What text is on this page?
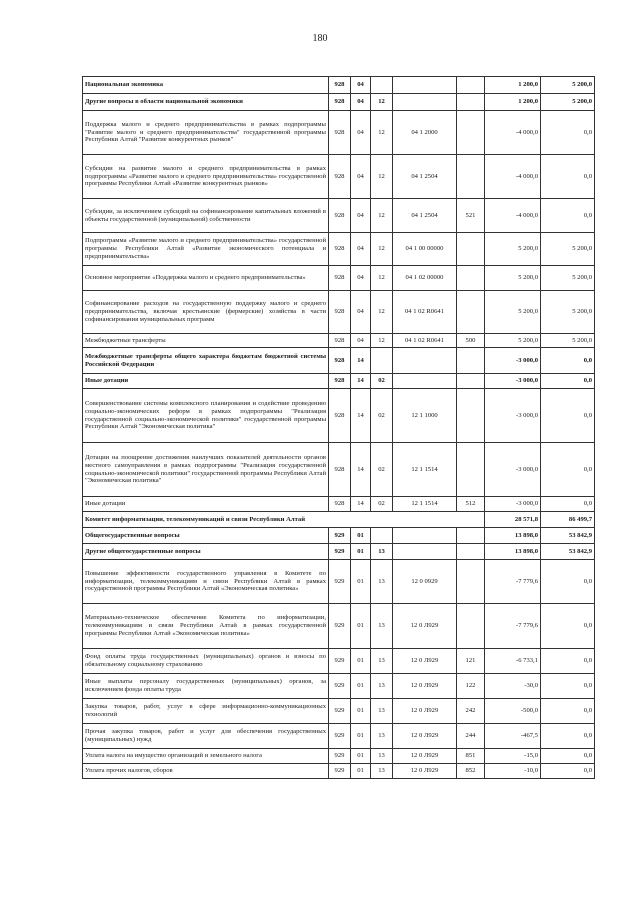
180
Национальная экономика	928	04				1 200,0	5 200,0
Другие вопросы в области национальной экономики	928	04	12			1 200,0	5 200,0
Поддержка малого и среднего предпринимательства в рамках подпрограммы "Развитие малого и среднего предпринимательства" государственной программы Республики Алтай "Развитие конкурентных рынков"	928	04	12	04 1 2000		-4 000,0	0,0
Субсидии на развитие малого и среднего предпринимательства в рамках подпрограммы «Развитие малого и среднего предпринимательства» государственной программы Республики Алтай «Развитие конкурентных рынков»	928	04	12	04 1 2504		-4 000,0	0,0
Субсидии, за исключением субсидий на софинансирование капитальных вложений в объекты государственной (муниципальной) собственности	928	04	12	04 1 2504	521	-4 000,0	0,0
Подпрограмма «Развитие малого и среднего предпринимательства» государственной программы Республики Алтай «Развитие экономического потенциала и предпринимательства»	928	04	12	04 1 00 00000		5 200,0	5 200,0
Основное мероприятие «Поддержка малого и среднего предпринимательства»	928	04	12	04 1 02 00000		5 200,0	5 200,0
Софинансирование расходов на государственную поддержку малого и среднего предпринимательства, включая крестьянские (фермерские) хозяйства в части софинансирования муниципальных программ	928	04	12	04 1 02 R0641		5 200,0	5 200,0
Межбюджетные трансферты	928	04	12	04 1 02 R0641	500	5 200,0	5 200,0
Межбюджетные трансферты общего характера бюджетам бюджетной системы Российской Федерации	928	14				-3 000,0	0,0
Иные дотации	928	14	02			-3 000,0	0,0
Совершенствование системы комплексного планирования и содействие проведению социально-экономических реформ в рамках подпрограммы "Реализация государственной социально-экономической политики" государственной программы Республики Алтай "Экономическая политика"	928	14	02	12 1 1000		-3 000,0	0,0
Дотации на поощрение достижения наилучших показателей деятельности органов местного самоуправления в рамках подпрограммы "Реализация государственной социально-экономической политики" государственной программы Республики Алтай "Экономическая политика"	928	14	02	12 1 1514		-3 000,0	0,0
Иные дотации	928	14	02	12 1 1514	512	-3 000,0	0,0
Комитет информатизации, телекоммуникаций и связи Республики Алтай						28 571,8	86 499,7
Общегосударственные вопросы	929	01				13 898,0	53 842,9
Другие общегосударственные вопросы	929	01	13			13 898,0	53 842,9
Повышение эффективности государственного управления в Комитете по информатизации, телекоммуникациям и связи Республики Алтай в рамках государственной программы Республики Алтай «Экономическая политика»	929	01	13	12 0 0929		-7 779,6	0,0
Материально-техническое обеспечение Комитета по информатизации, телекоммуникациям и связи Республики Алтай в рамках государственной программы Республики Алтай «Экономическая политика»	929	01	13	12 0 Л929		-7 779,6	0,0
Фонд оплаты труда государственных (муниципальных) органов и взносы по обязательному социальному страхованию	929	01	13	12 0 Л929	121	-6 733,1	0,0
Иные выплаты персоналу государственных (муниципальных) органов, за исключением фонда оплаты труда	929	01	13	12 0 Л929	122	-30,0	0,0
Закупка товаров, работ, услуг в сфере информационно-коммуникационных технологий	929	01	13	12 0 Л929	242	-500,0	0,0
Прочая закупка товаров, работ и услуг для обеспечения государственных (муниципальных) нужд	929	01	13	12 0 Л929	244	-467,5	0,0
Уплата налога на имущество организаций и земельного налога	929	01	13	12 0 Л929	851	-15,0	0,0
Уплата прочих налогов, сборов	929	01	13	12 0 Л929	852	-10,0	0,0
